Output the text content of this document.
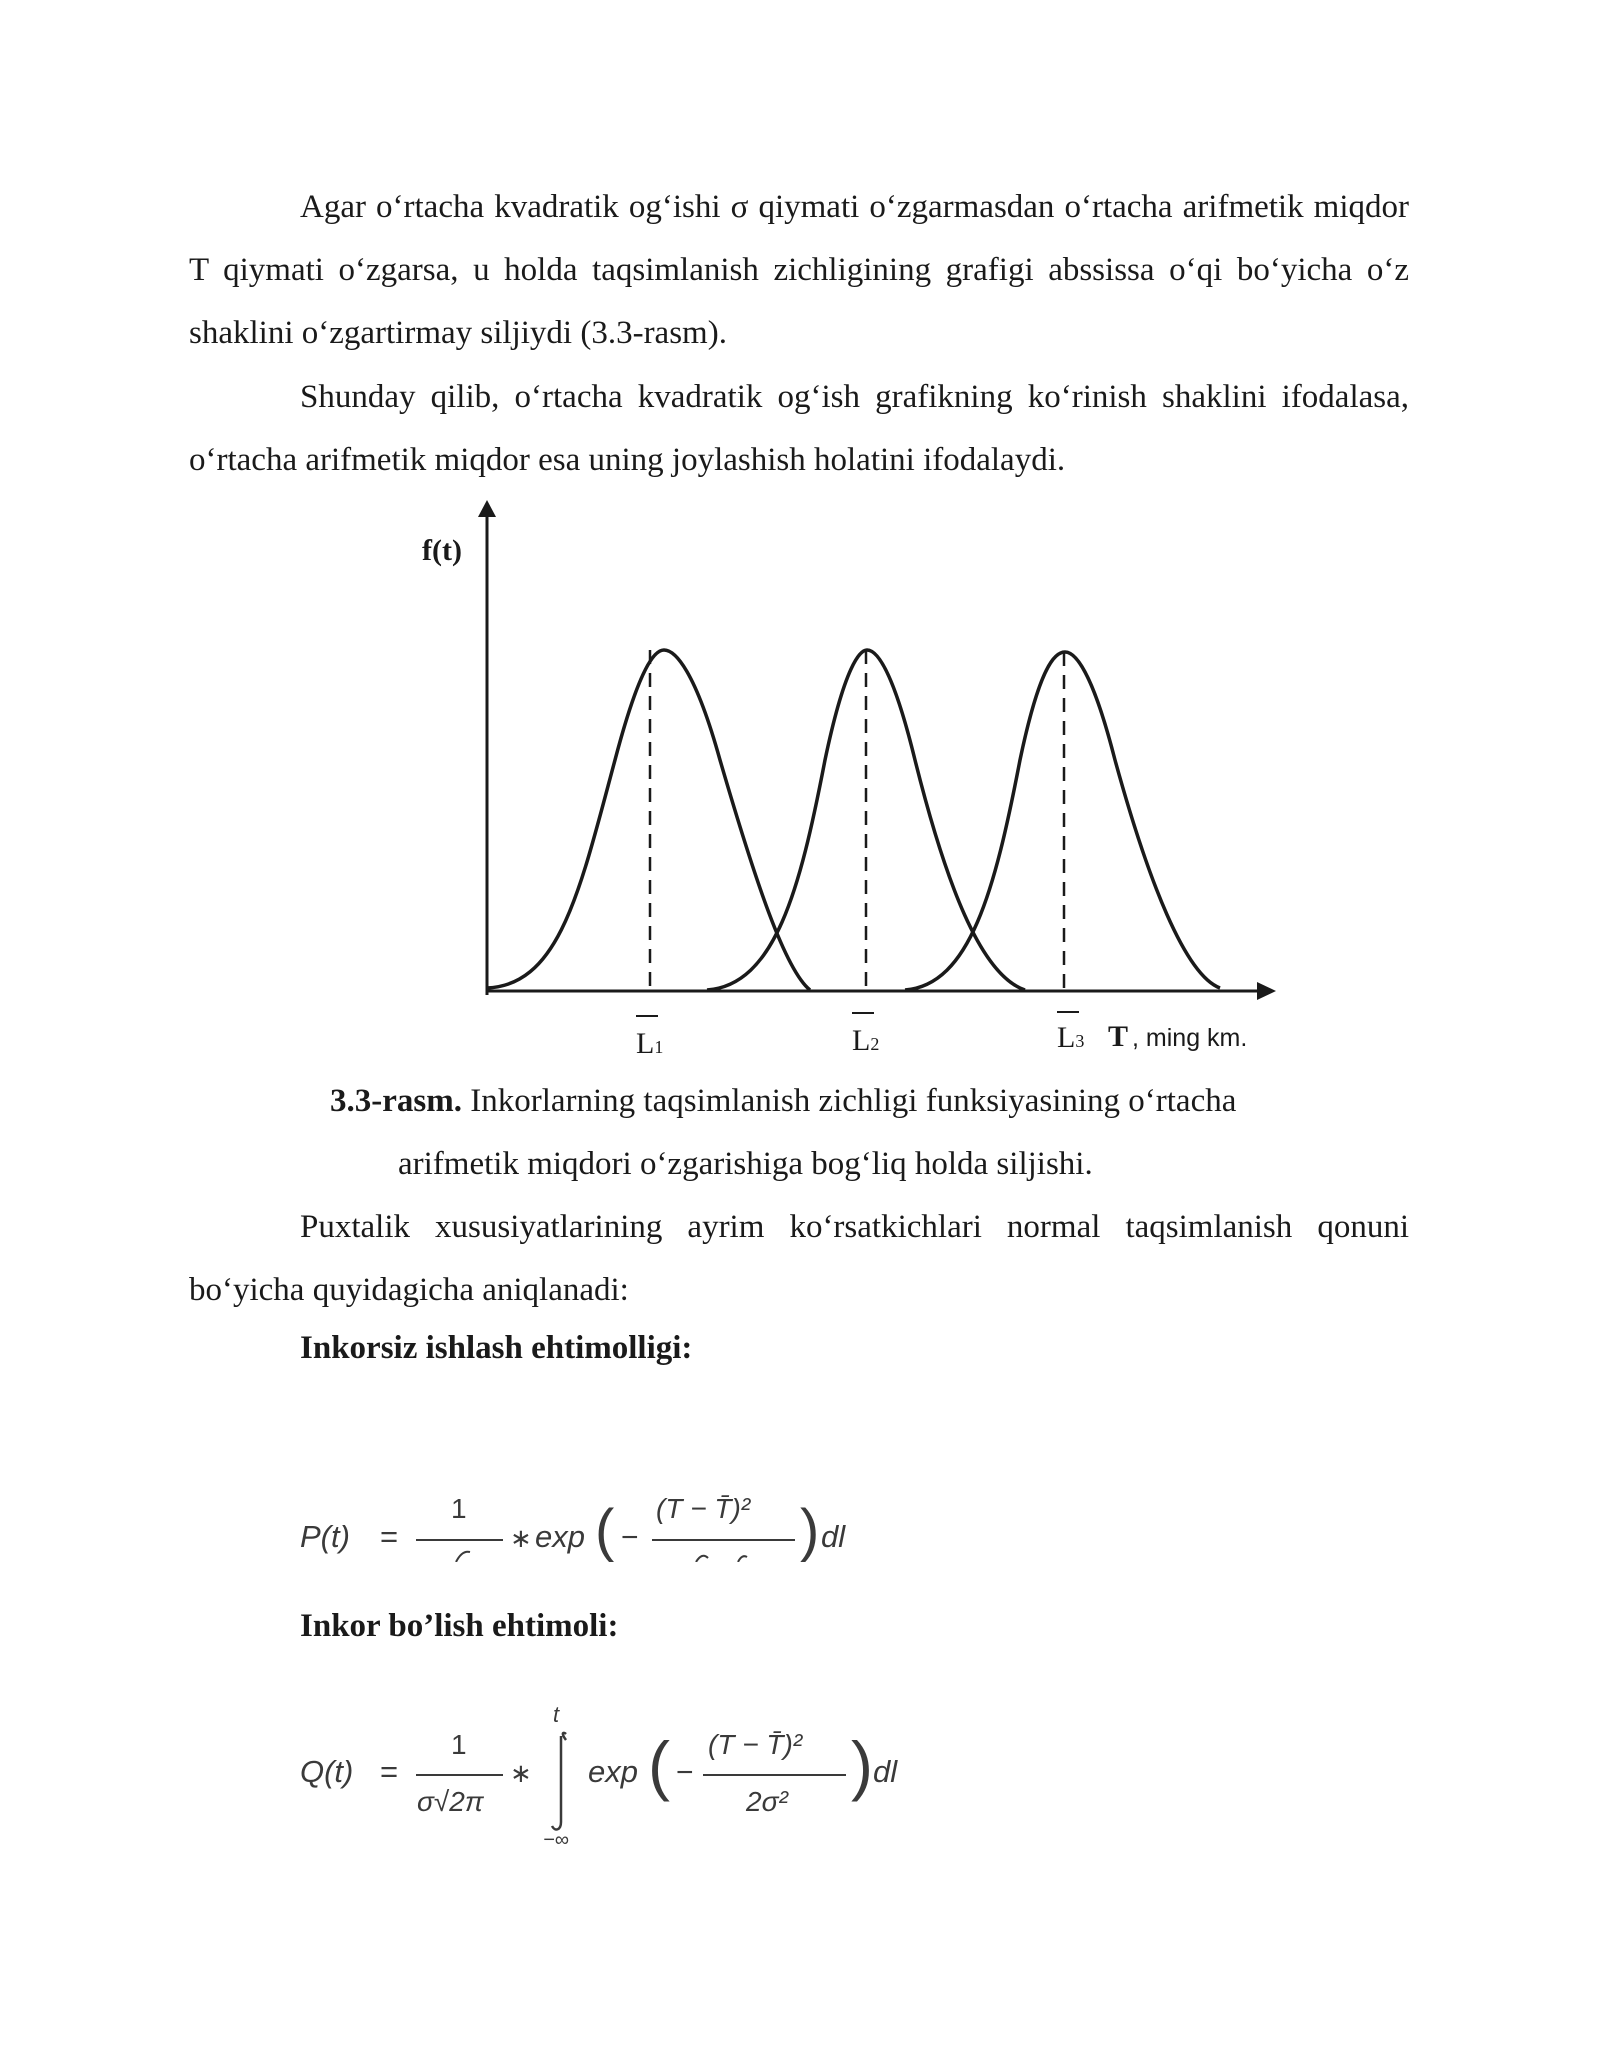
Agar o‘rtacha kvadratik og‘ishi σ qiymati o‘zgarmasdan o‘rtacha arifmetik miqdor T qiymati o‘zgarsa, u holda taqsimlanish zichligining grafigi abssissa o‘qi bo‘yicha o‘z shaklini o‘zgartirmay siljiydi (3.3-rasm).

Shunday qilib, o‘rtacha kvadratik og‘ish grafikning ko‘rinish shaklini ifodalasa, o‘rtacha arifmetik miqdor esa uning joylashish holatini ifodalaydi.

f(t)
L1	L2	L3 T , ming km.

3.3-rasm. Inkorlarning taqsimlanish zichligi funksiyasining o‘rtacha
arifmetik miqdori o‘zgarishiga bog‘liq holda siljishi.

Puxtalik xususiyatlarining ayrim ko‘rsatkichlari normal taqsimlanish qonuni bo‘yicha quyidagicha aniqlanadi:

Inkorsiz ishlash ehtimolligi:

P(t) =
1
∗ exp ( −
(T − T̄)² ) dl

Inkor bo’lish ehtimoli:

Q(t) =
1
σ√2π
∗
t
−∞
exp ( −
(T − T̄)²
2σ² ) dl
